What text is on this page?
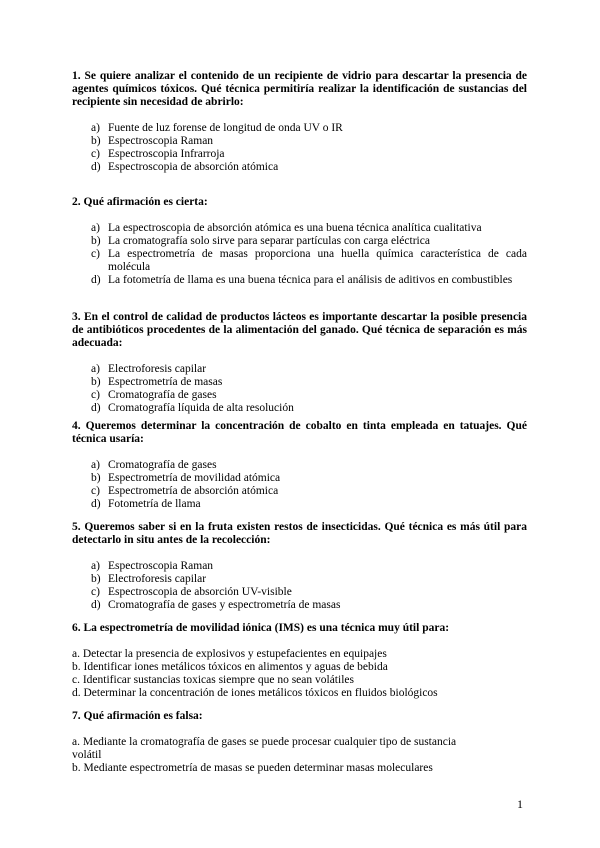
1. Se quiere analizar el contenido de un recipiente de vidrio para descartar la presencia de agentes químicos tóxicos. Qué técnica permitiría realizar la identificación de sustancias del recipiente sin necesidad de abrirlo:
a) Fuente de luz forense de longitud de onda UV o IR
b) Espectroscopia Raman
c) Espectroscopia Infrarroja
d) Espectroscopia de absorción atómica
2. Qué afirmación es cierta:
a) La espectroscopia de absorción atómica es una buena técnica analítica cualitativa
b) La cromatografía solo sirve para separar partículas con carga eléctrica
c) La espectrometría de masas proporciona una huella química característica de cada molécula
d) La fotometría de llama es una buena técnica para el análisis de aditivos en combustibles
3. En el control de calidad de productos lácteos es importante descartar la posible presencia de antibióticos procedentes de la alimentación del ganado. Qué técnica de separación es más adecuada:
a) Electroforesis capilar
b) Espectrometría de masas
c) Cromatografía de gases
d) Cromatografía líquida de alta resolución
4. Queremos determinar la concentración de cobalto en tinta empleada en tatuajes. Qué técnica usaría:
a) Cromatografía de gases
b) Espectrometría de movilidad atómica
c) Espectrometría de absorción atómica
d) Fotometría de llama
5. Queremos saber si en la fruta existen restos de insecticidas. Qué técnica es más útil para detectarlo in situ antes de la recolección:
a) Espectroscopia Raman
b) Electroforesis capilar
c) Espectroscopia de absorción UV-visible
d) Cromatografía de gases y espectrometría de masas
6. La espectrometría de movilidad iónica (IMS) es una técnica muy útil para:
a. Detectar la presencia de explosivos y estupefacientes en equipajes
b. Identificar iones metálicos tóxicos en alimentos y aguas de bebida
c. Identificar sustancias toxicas siempre que no sean volátiles
d. Determinar la concentración de iones metálicos tóxicos en fluidos biológicos
7. Qué afirmación es falsa:
a. Mediante la cromatografía de gases se puede procesar cualquier tipo de sustancia volátil
b. Mediante espectrometría de masas se pueden determinar masas moleculares
1
